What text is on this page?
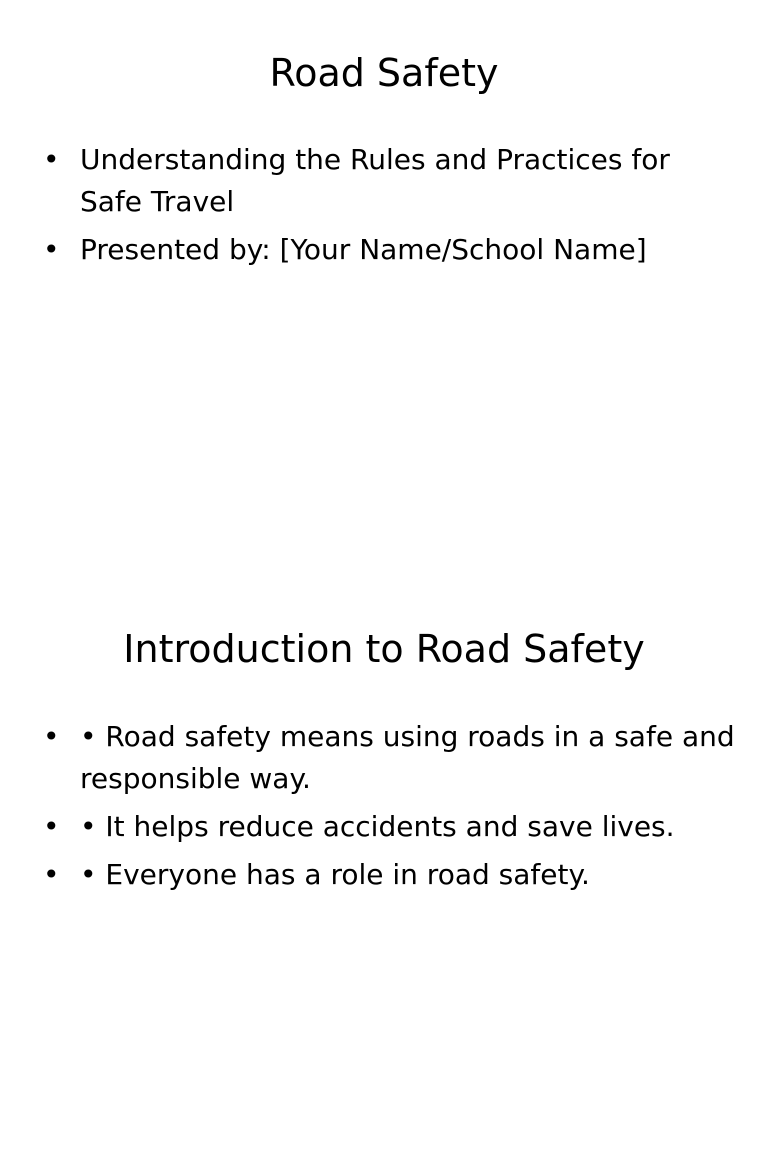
Road Safety
• Understanding the Rules and Practices for Safe Travel
• Presented by: [Your Name/School Name]
Introduction to Road Safety
• • Road safety means using roads in a safe and responsible way.
• • It helps reduce accidents and save lives.
• • Everyone has a role in road safety.
